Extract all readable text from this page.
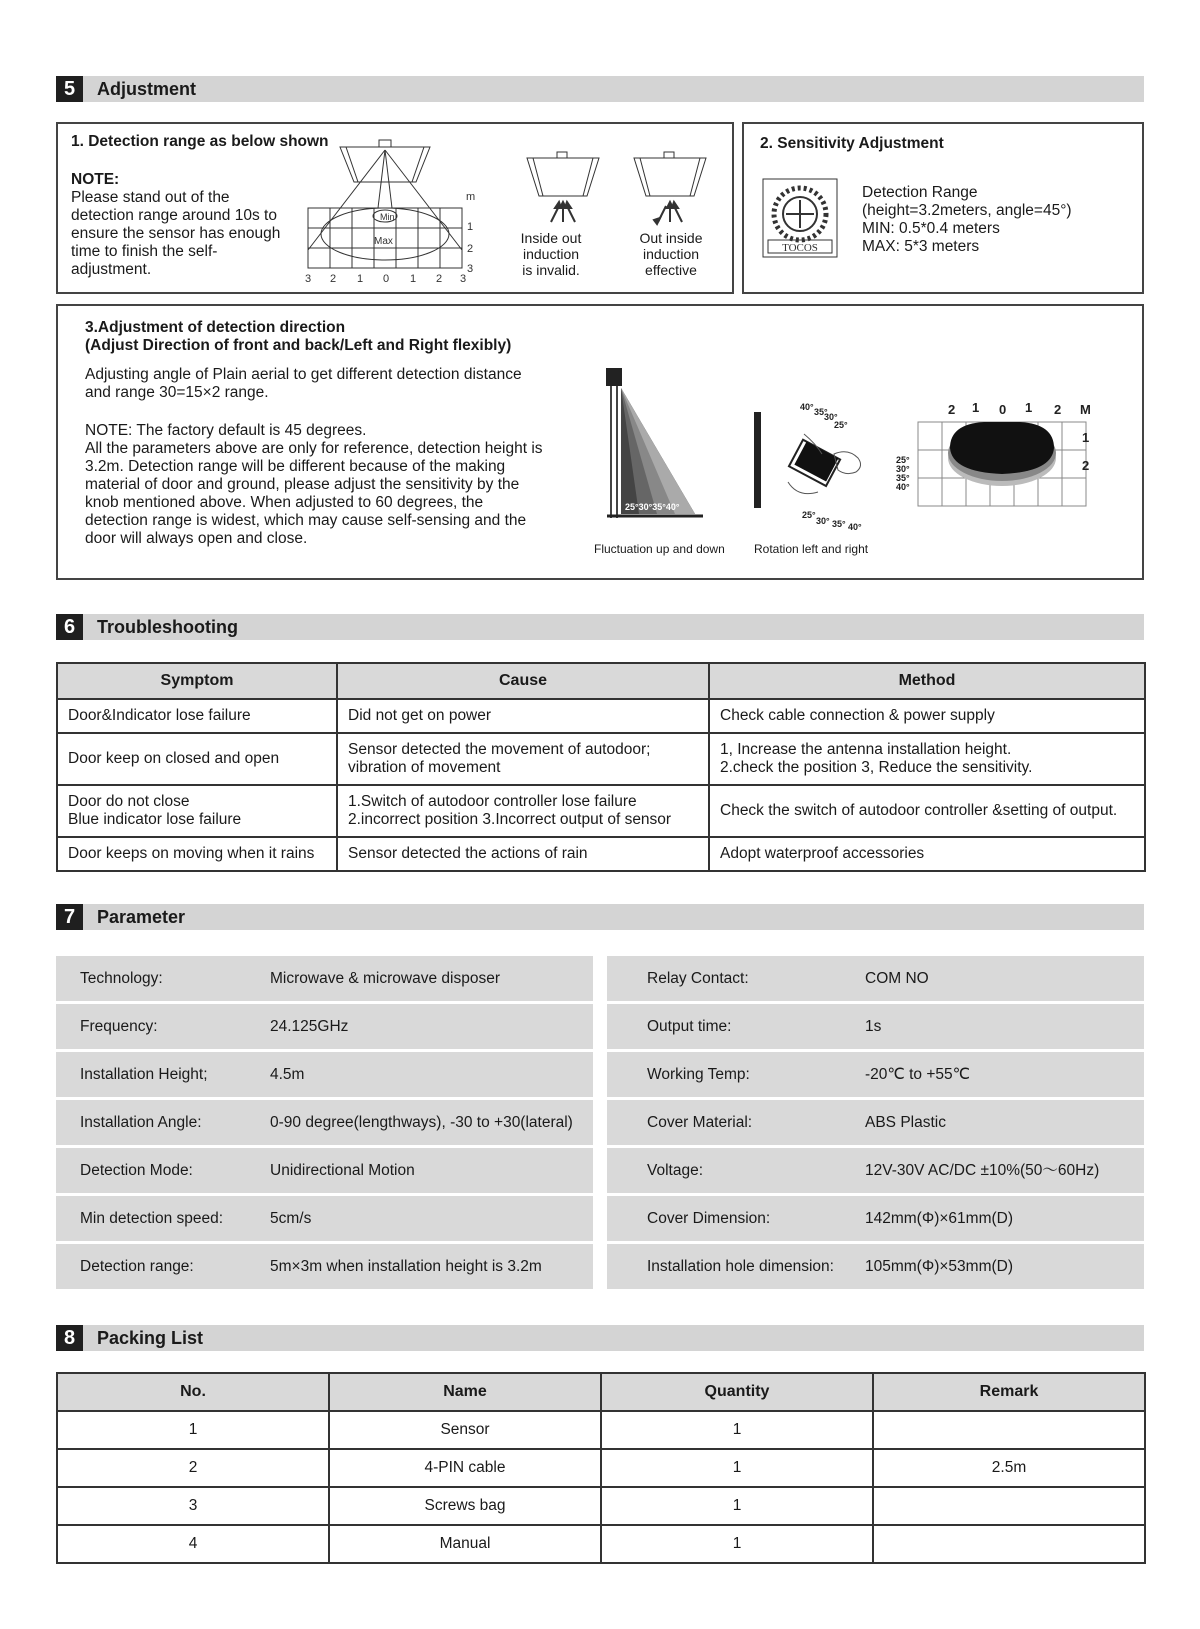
5	Adjustment
1. Detection range as below shown
NOTE:
Please stand out of the
detection range around 10s to
ensure the sensor has enough
time to finish the self-
adjustment.
Min
Max
m
1
2
3
3 2 1 0 1 2 3
Inside out
induction
is invalid.
Out inside
induction
effective
2. Sensitivity Adjustment
TOCOS
Detection Range
(height=3.2meters, angle=45°)
MIN: 0.5*0.4 meters
MAX: 5*3 meters
3.Adjustment of detection direction
(Adjust Direction of front and back/Left and Right flexibly)
Adjusting angle of Plain aerial to get different detection distance
and range 30=15×2 range.
NOTE: The factory default is 45 degrees.
All the parameters above are only for reference, detection height is
3.2m. Detection range will be different because of the making
material of door and ground, please adjust the sensitivity by the
knob mentioned above. When adjusted to 60 degrees, the
detection range is widest, which may cause self-sensing and the
door will always open and close.
25°30°35°40°
Fluctuation up and down
40° 35°
30°
25°
25°
30° 35° 40°
Rotation left and right
2 1 0 1 2 M
1
2
25°
30°
35°
40°
6	Troubleshooting
Symptom	Cause	Method
Door&Indicator lose failure	Did not get on power	Check cable connection & power supply
Door keep on closed and open	Sensor detected the movement of autodoor;
vibration of movement	1, Increase the antenna installation height.
2.check the position 3, Reduce the sensitivity.
Door do not close
Blue indicator lose failure	1.Switch of autodoor controller lose failure
2.incorrect position 3.Incorrect output of sensor	Check the switch of autodoor controller &setting of output.
Door keeps on moving when it rains	Sensor detected the actions of rain	Adopt waterproof accessories
7	Parameter
Technology:	Microwave & microwave disposer
Frequency:	24.125GHz
Installation Height;	4.5m
Installation Angle:	0-90 degree(lengthways), -30 to +30(lateral)
Detection Mode:	Unidirectional Motion
Min detection speed:	5cm/s
Detection range:	5m×3m when installation height is 3.2m
Relay Contact:	COM NO
Output time:	1s
Working Temp:	-20℃ to +55℃
Cover Material:	ABS Plastic
Voltage:	12V-30V AC/DC ±10%(50～60Hz)
Cover Dimension:	142mm(Φ)×61mm(D)
Installation hole dimension: 105mm(Φ)×53mm(D)
8	Packing List
No.	Name	Quantity	Remark
1	Sensor	1	
2	4-PIN cable	1	2.5m
3	Screws bag	1	
4	Manual	1	
